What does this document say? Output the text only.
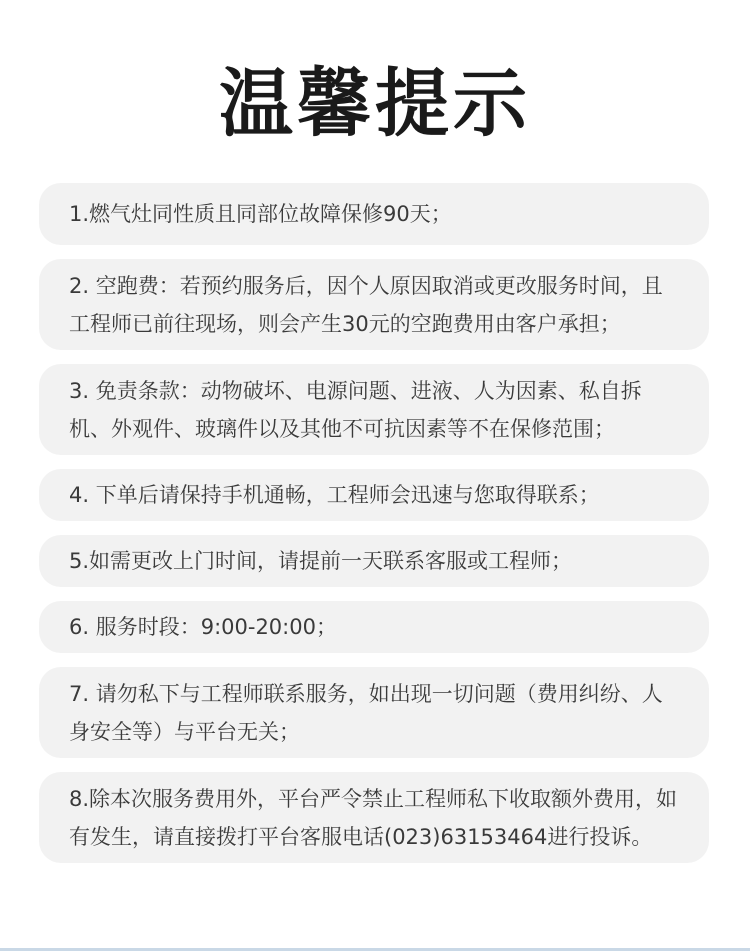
温馨提示
1.燃气灶同性质且同部位故障保修90天；
2. 空跑费：若预约服务后，因个人原因取消或更改服务时间，且工程师已前往现场，则会产生30元的空跑费用由客户承担；
3. 免责条款：动物破坏、电源问题、进液、人为因素、私自拆机、外观件、玻璃件以及其他不可抗因素等不在保修范围；
4. 下单后请保持手机通畅，工程师会迅速与您取得联系；
5.如需更改上门时间，请提前一天联系客服或工程师；
6. 服务时段：9:00-20:00；
7. 请勿私下与工程师联系服务，如出现一切问题（费用纠纷、人身安全等）与平台无关；
8.除本次服务费用外，平台严令禁止工程师私下收取额外费用，如有发生，请直接拨打平台客服电话(023)63153464进行投诉。
